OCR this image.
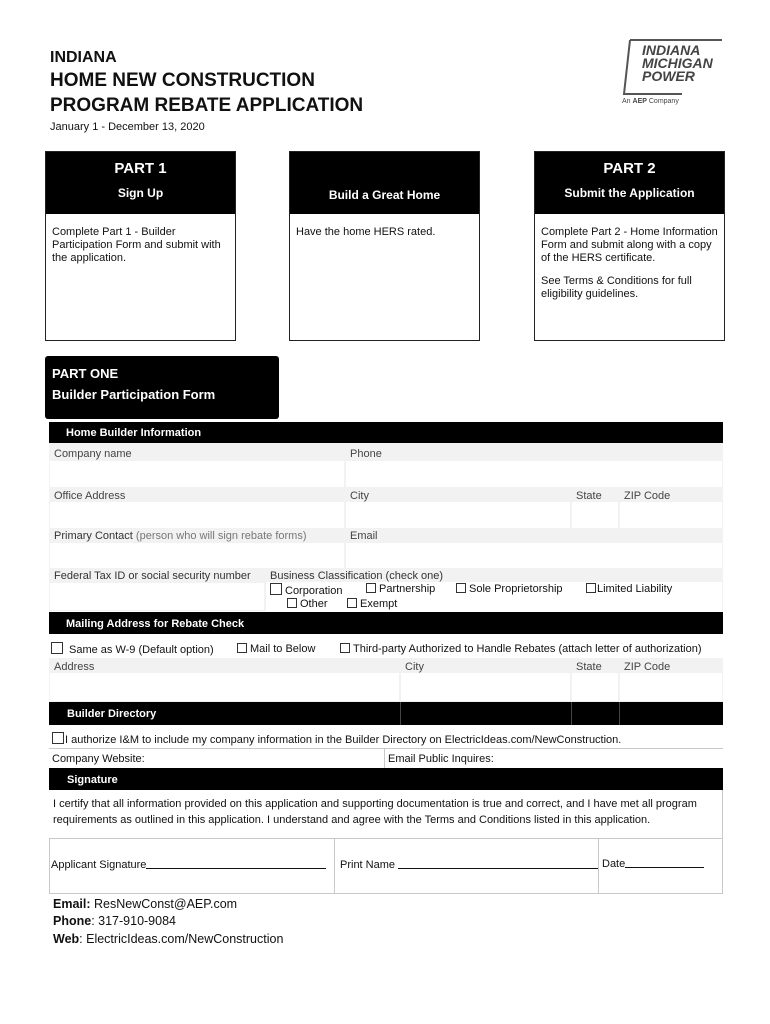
INDIANA
HOME NEW CONSTRUCTION
PROGRAM REBATE APPLICATION
January 1 - December 13, 2020
INDIANA
MICHIGAN
POWER
An AEP Company
PART 1
Sign Up
Complete Part 1 - Builder Participation Form and submit with the application.
Build a Great Home
Have the home HERS rated.
PART 2
Submit the Application
Complete Part 2 - Home Information Form and submit along with a copy of the HERS certificate.
See Terms & Conditions for full eligibility guidelines.
PART ONE
Builder Participation Form
Home Builder Information
Company name	Phone
Office Address	City	State ZIP Code
Primary Contact (person who will sign rebate forms)	Email
Federal Tax ID or social security number Business Classification (check one)
Corporation	Partnership	Sole Proprietorship	Limited Liability
Other	Exempt
Mailing Address for Rebate Check
Same as W-9 (Default option)	Mail to Below	Third-party Authorized to Handle Rebates (attach letter of authorization)
Address	City	State ZIP Code
Builder Directory
I authorize I&M to include my company information in the Builder Directory on ElectricIdeas.com/NewConstruction.
Company Website:	Email Public Inquires:
Signature
I certify that all information provided on this application and supporting documentation is true and correct, and I have met all program requirements as outlined in this application. I understand and agree with the Terms and Conditions listed in this application.
Applicant Signature	Print Name	Date
Email: ResNewConst@AEP.com
Phone: 317-910-9084
Web: ElectricIdeas.com/NewConstruction
